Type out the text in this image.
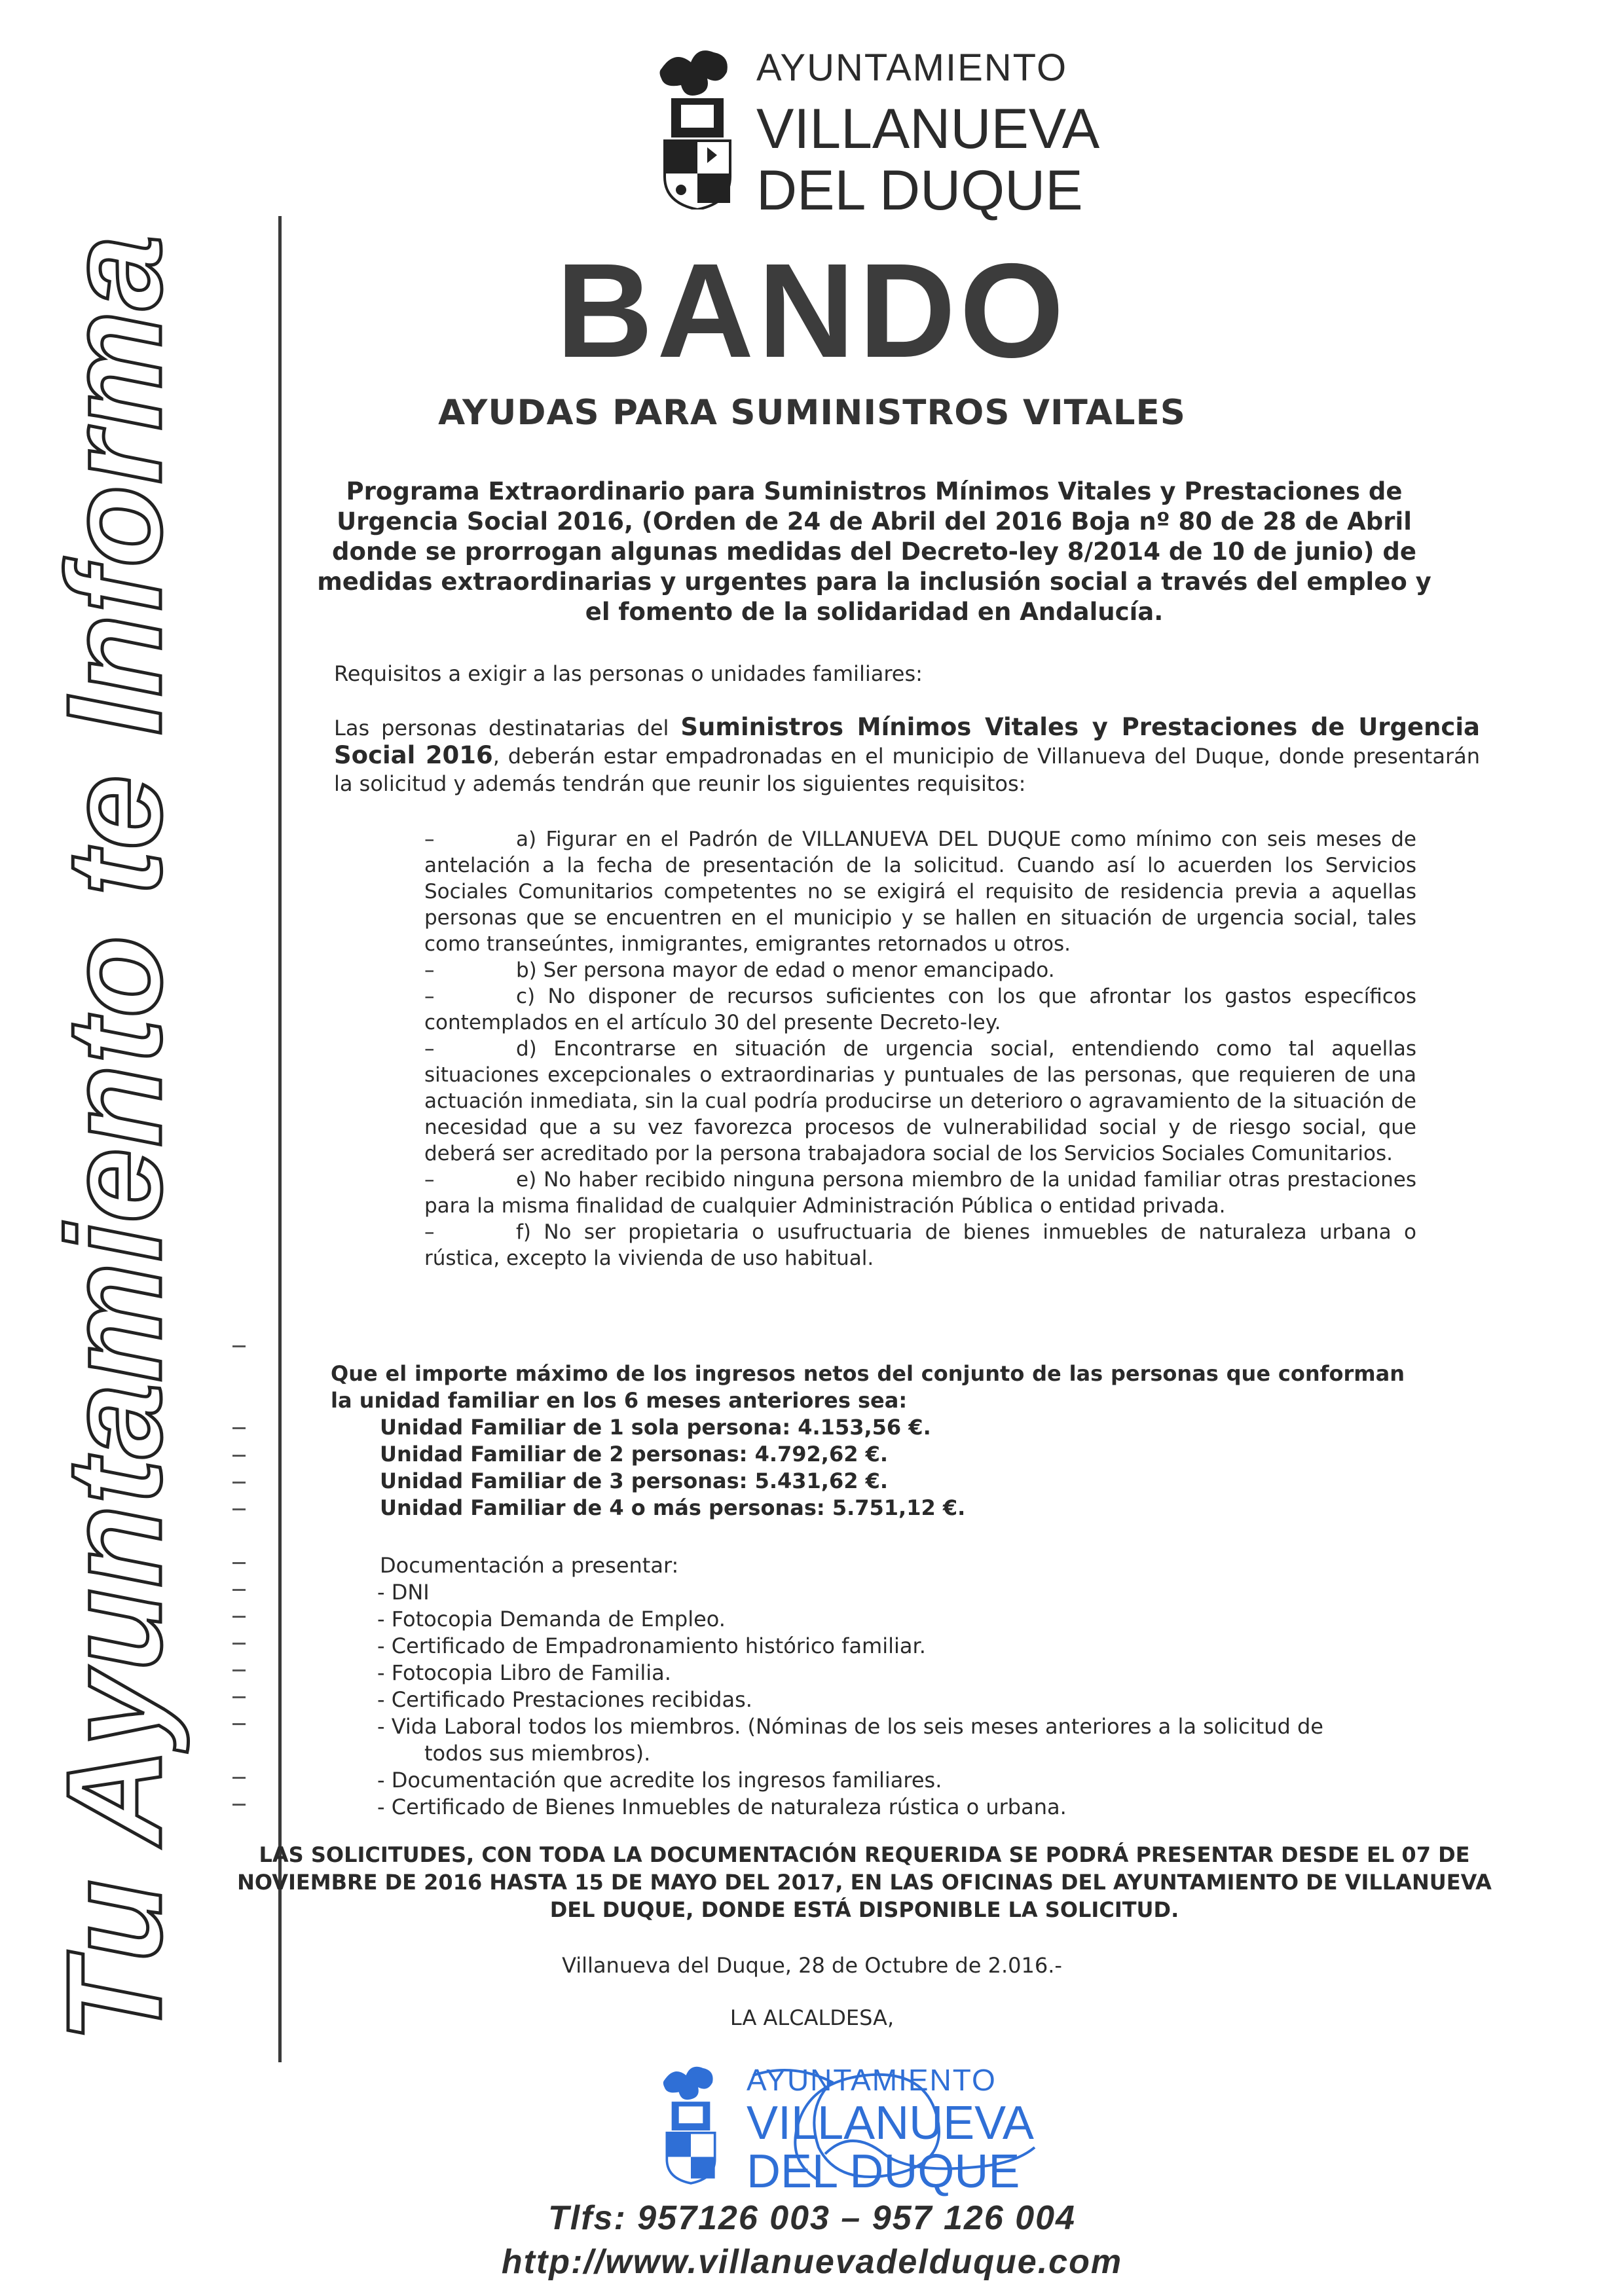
Tu Ayuntamiento te Informa
AYUNTAMIENTO
VILLANUEVA
DEL DUQUE
BANDO
AYUDAS PARA SUMINISTROS VITALES
Programa Extraordinario para Suministros Mínimos Vitales y Prestaciones de Urgencia Social 2016, (Orden de 24 de Abril del 2016 Boja nº 80 de 28 de Abril donde se prorrogan algunas medidas del Decreto-ley 8/2014 de 10 de junio) de medidas extraordinarias y urgentes para la inclusión social a través del empleo y el fomento de la solidaridad en Andalucía.
Requisitos a exigir a las personas o unidades familiares:
Las personas destinatarias del Suministros Mínimos Vitales y Prestaciones de Urgencia Social 2016, deberán estar empadronadas en el municipio de Villanueva del Duque, donde presentarán la solicitud y además tendrán que reunir los siguientes requisitos:

–	a) Figurar en el Padrón de VILLANUEVA DEL DUQUE como mínimo con seis meses de antelación a la fecha de presentación de la solicitud. Cuando así lo acuerden los Servicios Sociales Comunitarios competentes no se exigirá el requisito de residencia previa a aquellas personas que se encuentren en el municipio y se hallen en situación de urgencia social, tales como transeúntes, inmigrantes, emigrantes retornados u otros.

–	b) Ser persona mayor de edad o menor emancipado.

–	c) No disponer de recursos suficientes con los que afrontar los gastos específicos contemplados en el artículo 30 del presente Decreto-ley.

–	d) Encontrarse en situación de urgencia social, entendiendo como tal aquellas situaciones excepcionales o extraordinarias y puntuales de las personas, que requieren de una actuación inmediata, sin la cual podría producirse un deterioro o agravamiento de la situación de necesidad que a su vez favorezca procesos de vulnerabilidad social y de riesgo social, que deberá ser acreditado por la persona trabajadora social de los Servicios Sociales Comunitarios.

–	e) No haber recibido ninguna persona miembro de la unidad familiar otras prestaciones para la misma finalidad de cualquier Administración Pública o entidad privada.

–	f) No ser propietaria o usufructuaria de bienes inmuebles de naturaleza urbana o rústica, excepto la vivienda de uso habitual.

Que el importe máximo de los ingresos netos del conjunto de las personas que conforman la unidad familiar en los 6 meses anteriores sea:
Unidad Familiar de 1 sola persona: 4.153,56 €.
Unidad Familiar de 2 personas: 4.792,62 €.
Unidad Familiar de 3 personas: 5.431,62 €.
Unidad Familiar de 4 o más personas: 5.751,12 €.
Documentación a presentar:
- DNI
- Fotocopia Demanda de Empleo.
- Certificado de Empadronamiento histórico familiar.
- Fotocopia Libro de Familia.
- Certificado Prestaciones recibidas.
- Vida Laboral todos los miembros. (Nóminas de los seis meses anteriores a la solicitud de
todos sus miembros).
- Documentación que acredite los ingresos familiares.
- Certificado de Bienes Inmuebles de naturaleza rústica o urbana.
LAS SOLICITUDES, CON TODA LA DOCUMENTACIÓN REQUERIDA SE PODRÁ PRESENTAR DESDE EL 07 DE NOVIEMBRE DE 2016 HASTA 15 DE MAYO DEL 2017, EN LAS OFICINAS DEL AYUNTAMIENTO DE VILLANUEVA DEL DUQUE, DONDE ESTÁ DISPONIBLE LA SOLICITUD.
Villanueva del Duque, 28 de Octubre de 2.016.-
LA ALCALDESA,
AYUNTAMIENTO
VILLANUEVA
DEL DUQUE
Tlfs: 957126 003 – 957 126 004
http://www.villanuevadelduque.com
